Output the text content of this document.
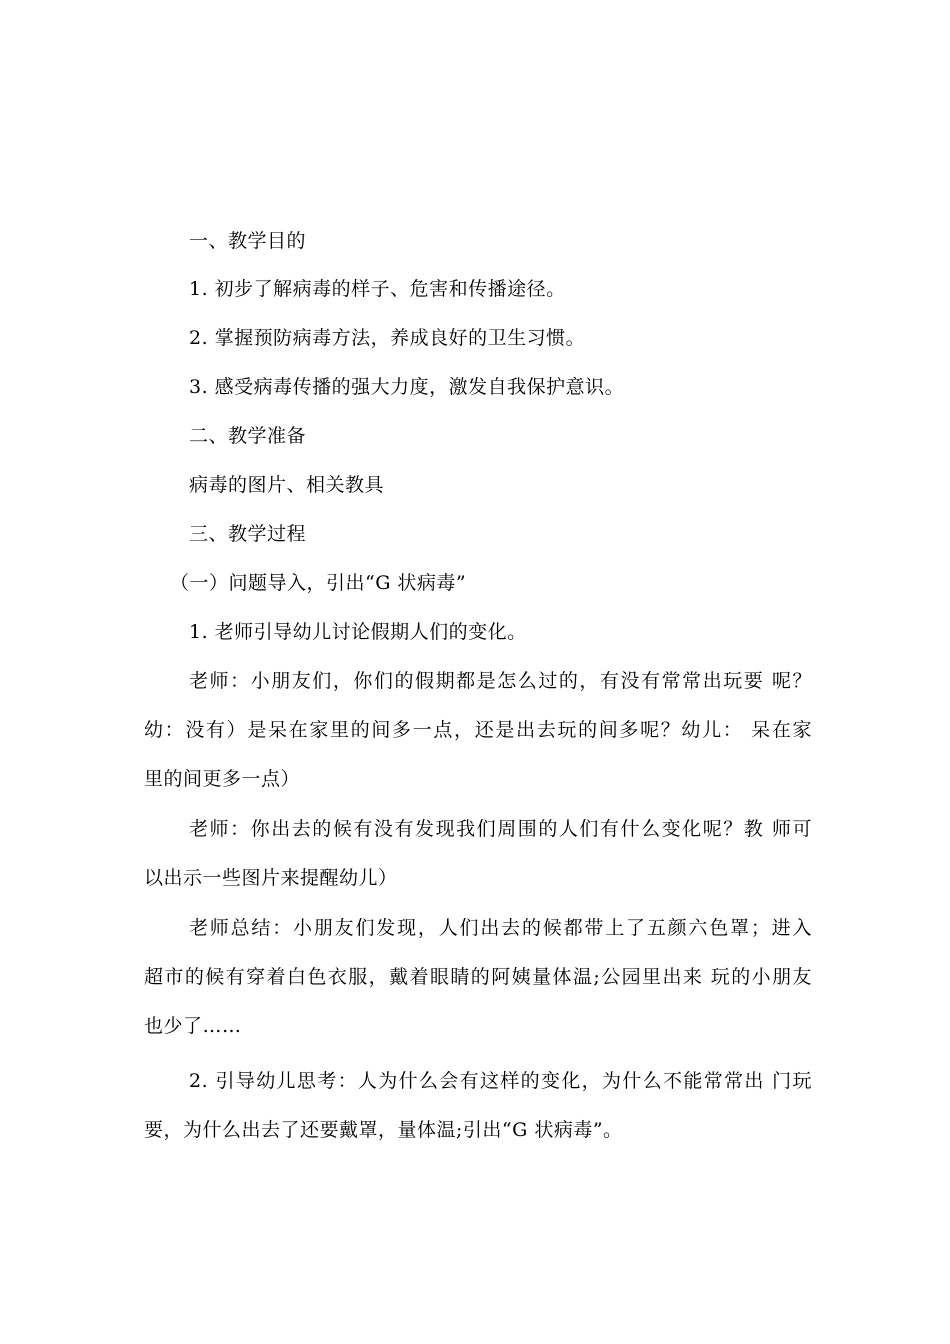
一、教学目的
1. 初步了解病毒的样子、危害和传播途径。
2. 掌握预防病毒方法，养成良好的卫生习惯。
3. 感受病毒传播的强大力度，激发自我保护意识。
二、教学准备
病毒的图片、相关教具
三、教学过程
（一）问题导入，引出“G 状病毒”
1. 老师引导幼儿讨论假期人们的变化。
老师：小朋友们，你们的假期都是怎么过的，有没有常常出玩要 呢？
幼：没有）是呆在家里的间多一点，还是出去玩的间多呢？幼儿： 呆在家
里的间更多一点）
老师：你出去的候有没有发现我们周围的人们有什么变化呢？教 师可
以出示一些图片来提醒幼儿）
老师总结：小朋友们发现，人们出去的候都带上了五颜六色罩；进入
超市的候有穿着白色衣服，戴着眼睛的阿姨量体温;公园里出来 玩的小朋友
也少了……
2. 引导幼儿思考：人为什么会有这样的变化，为什么不能常常出 门玩
要，为什么出去了还要戴罩，量体温;引出“G 状病毒”。
